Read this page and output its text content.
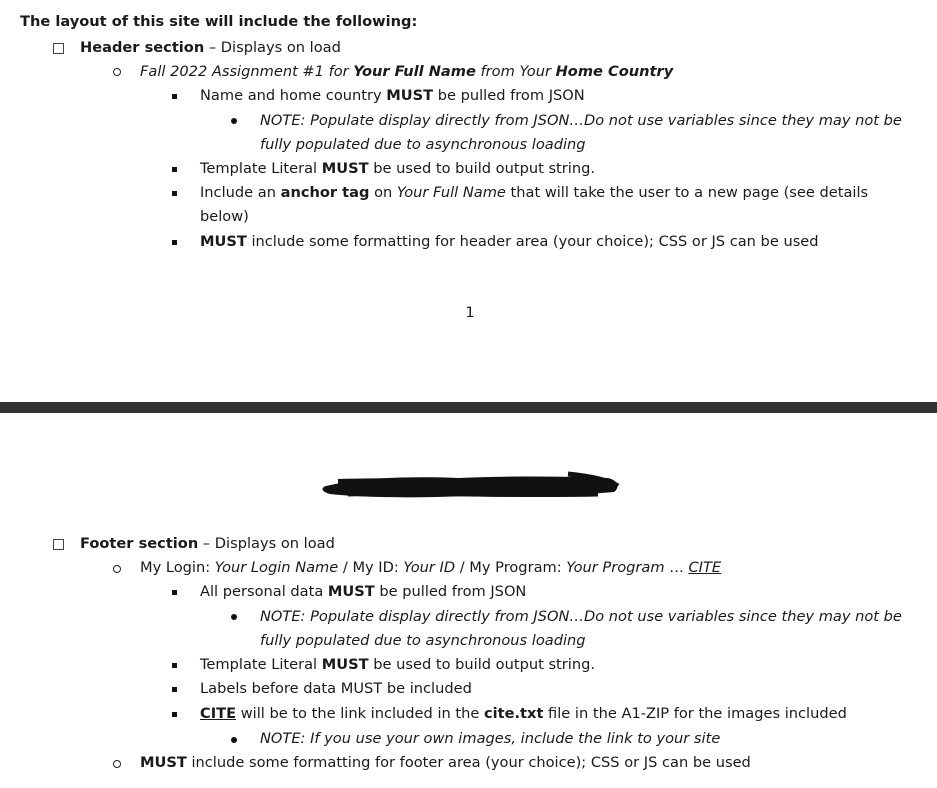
The layout of this site will include the following:
Header section – Displays on load
Fall 2022 Assignment #1 for Your Full Name from Your Home Country
Name and home country MUST be pulled from JSON
NOTE: Populate display directly from JSON…Do not use variables since they may not be
fully populated due to asynchronous loading
Template Literal MUST be used to build output string.
Include an anchor tag on Your Full Name that will take the user to a new page (see details
below)
MUST include some formatting for header area (your choice); CSS or JS can be used
1
Footer section – Displays on load
My Login: Your Login Name / My ID: Your ID / My Program: Your Program … CITE
All personal data MUST be pulled from JSON
NOTE: Populate display directly from JSON…Do not use variables since they may not be
fully populated due to asynchronous loading
Template Literal MUST be used to build output string.
Labels before data MUST be included
CITE will be to the link included in the cite.txt file in the A1-ZIP for the images included
NOTE: If you use your own images, include the link to your site
MUST include some formatting for footer area (your choice); CSS or JS can be used
